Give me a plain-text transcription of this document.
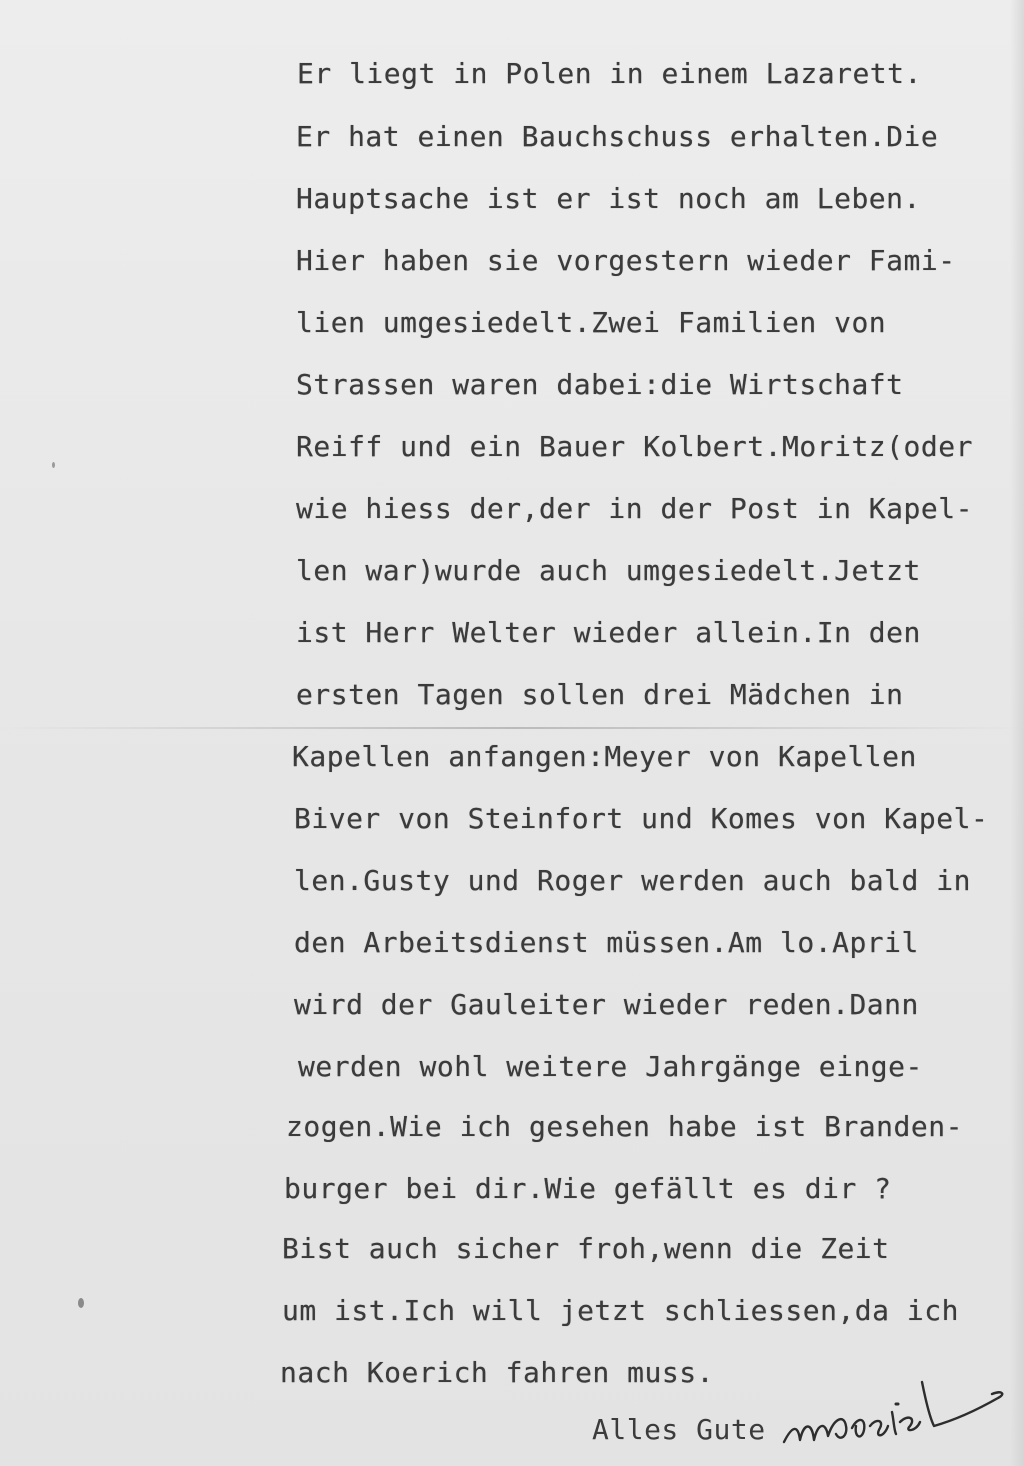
Er liegt in Polen in einem Lazarett.
Er hat einen Bauchschuss erhalten.Die
Hauptsache ist er ist noch am Leben.
Hier haben sie vorgestern wieder Fami-
lien umgesiedelt.Zwei Familien von
Strassen waren dabei:die Wirtschaft
Reiff und ein Bauer Kolbert.Moritz(oder
wie hiess der,der in der Post in Kapel-
len war)wurde auch umgesiedelt.Jetzt
ist Herr Welter wieder allein.In den
ersten Tagen sollen drei Mädchen in
Kapellen anfangen:Meyer von Kapellen
Biver von Steinfort und Komes von Kapel-
len.Gusty und Roger werden auch bald in
den Arbeitsdienst müssen.Am lo.April
wird der Gauleiter wieder reden.Dann
werden wohl weitere Jahrgänge einge-
zogen.Wie ich gesehen habe ist Branden-
burger bei dir.Wie gefällt es dir ?
Bist auch sicher froh,wenn die Zeit
um ist.Ich will jetzt schliessen,da ich
nach Koerich fahren muss.
Alles Gute
